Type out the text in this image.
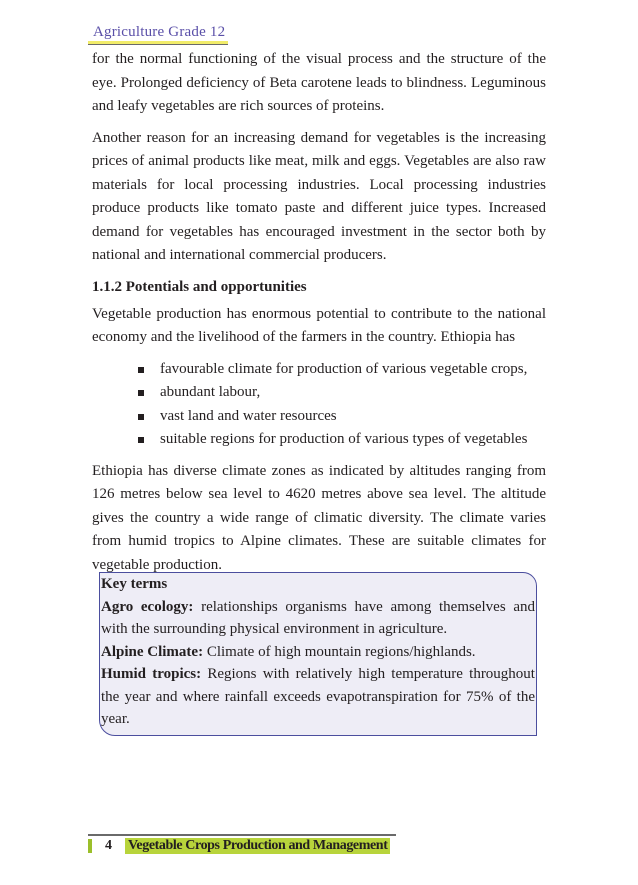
Agriculture Grade 12

for the normal functioning of the visual process and the structure of the eye. Prolonged deficiency of Beta carotene leads to blindness. Leguminous and leafy vegetables are rich sources of proteins.

Another reason for an increasing demand for vegetables is the increasing prices of animal products like meat, milk and eggs. Vegetables are also raw materials for local processing industries. Local processing industries produce products like tomato paste and different juice types. Increased demand for vegetables has encouraged investment in the sector both by national and international commercial producers.

1.1.2 Potentials and opportunities

Vegetable production has enormous potential to contribute to the national economy and the livelihood of the farmers in the country. Ethiopia has

favourable climate for production of various vegetable crops,
abundant labour,
vast land and water resources
suitable regions for production of various types of vegetables

Ethiopia has diverse climate zones as indicated by altitudes ranging from 126 metres below sea level to 4620 metres above sea level. The altitude gives the country a wide range of climatic diversity. The climate varies from humid tropics to Alpine climates. These are suitable climates for vegetable production.

Key terms
Agro ecology: relationships organisms have among themselves and with the surrounding physical environment in agriculture.
Alpine Climate: Climate of high mountain regions/highlands.
Humid tropics: Regions with relatively high temperature throughout the year and where rainfall exceeds evapotranspiration for 75% of the year.
4 Vegetable Crops Production and Management
